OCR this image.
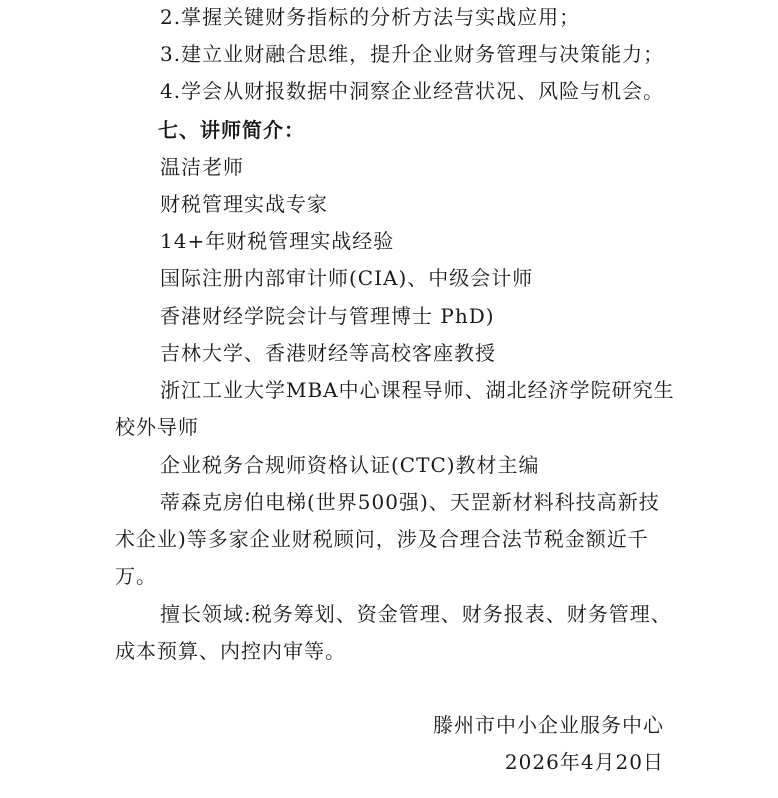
2.掌握关键财务指标的分析方法与实战应用；
3.建立业财融合思维，提升企业财务管理与决策能力；
4.学会从财报数据中洞察企业经营状况、风险与机会。
七、讲师简介：
温洁老师
财税管理实战专家
14+年财税管理实战经验
国际注册内部审计师(CIA)、中级会计师
香港财经学院会计与管理博士 PhD)
吉林大学、香港财经等高校客座教授
浙江工业大学MBA中心课程导师、湖北经济学院研究生
校外导师
企业税务合规师资格认证(CTC)教材主编
蒂森克房伯电梯(世界500强)、天罡新材料科技高新技
术企业)等多家企业财税顾问，涉及合理合法节税金额近千
万。
擅长领域:税务筹划、资金管理、财务报表、财务管理、
成本预算、内控内审等。
滕州市中小企业服务中心
2026年4月20日
